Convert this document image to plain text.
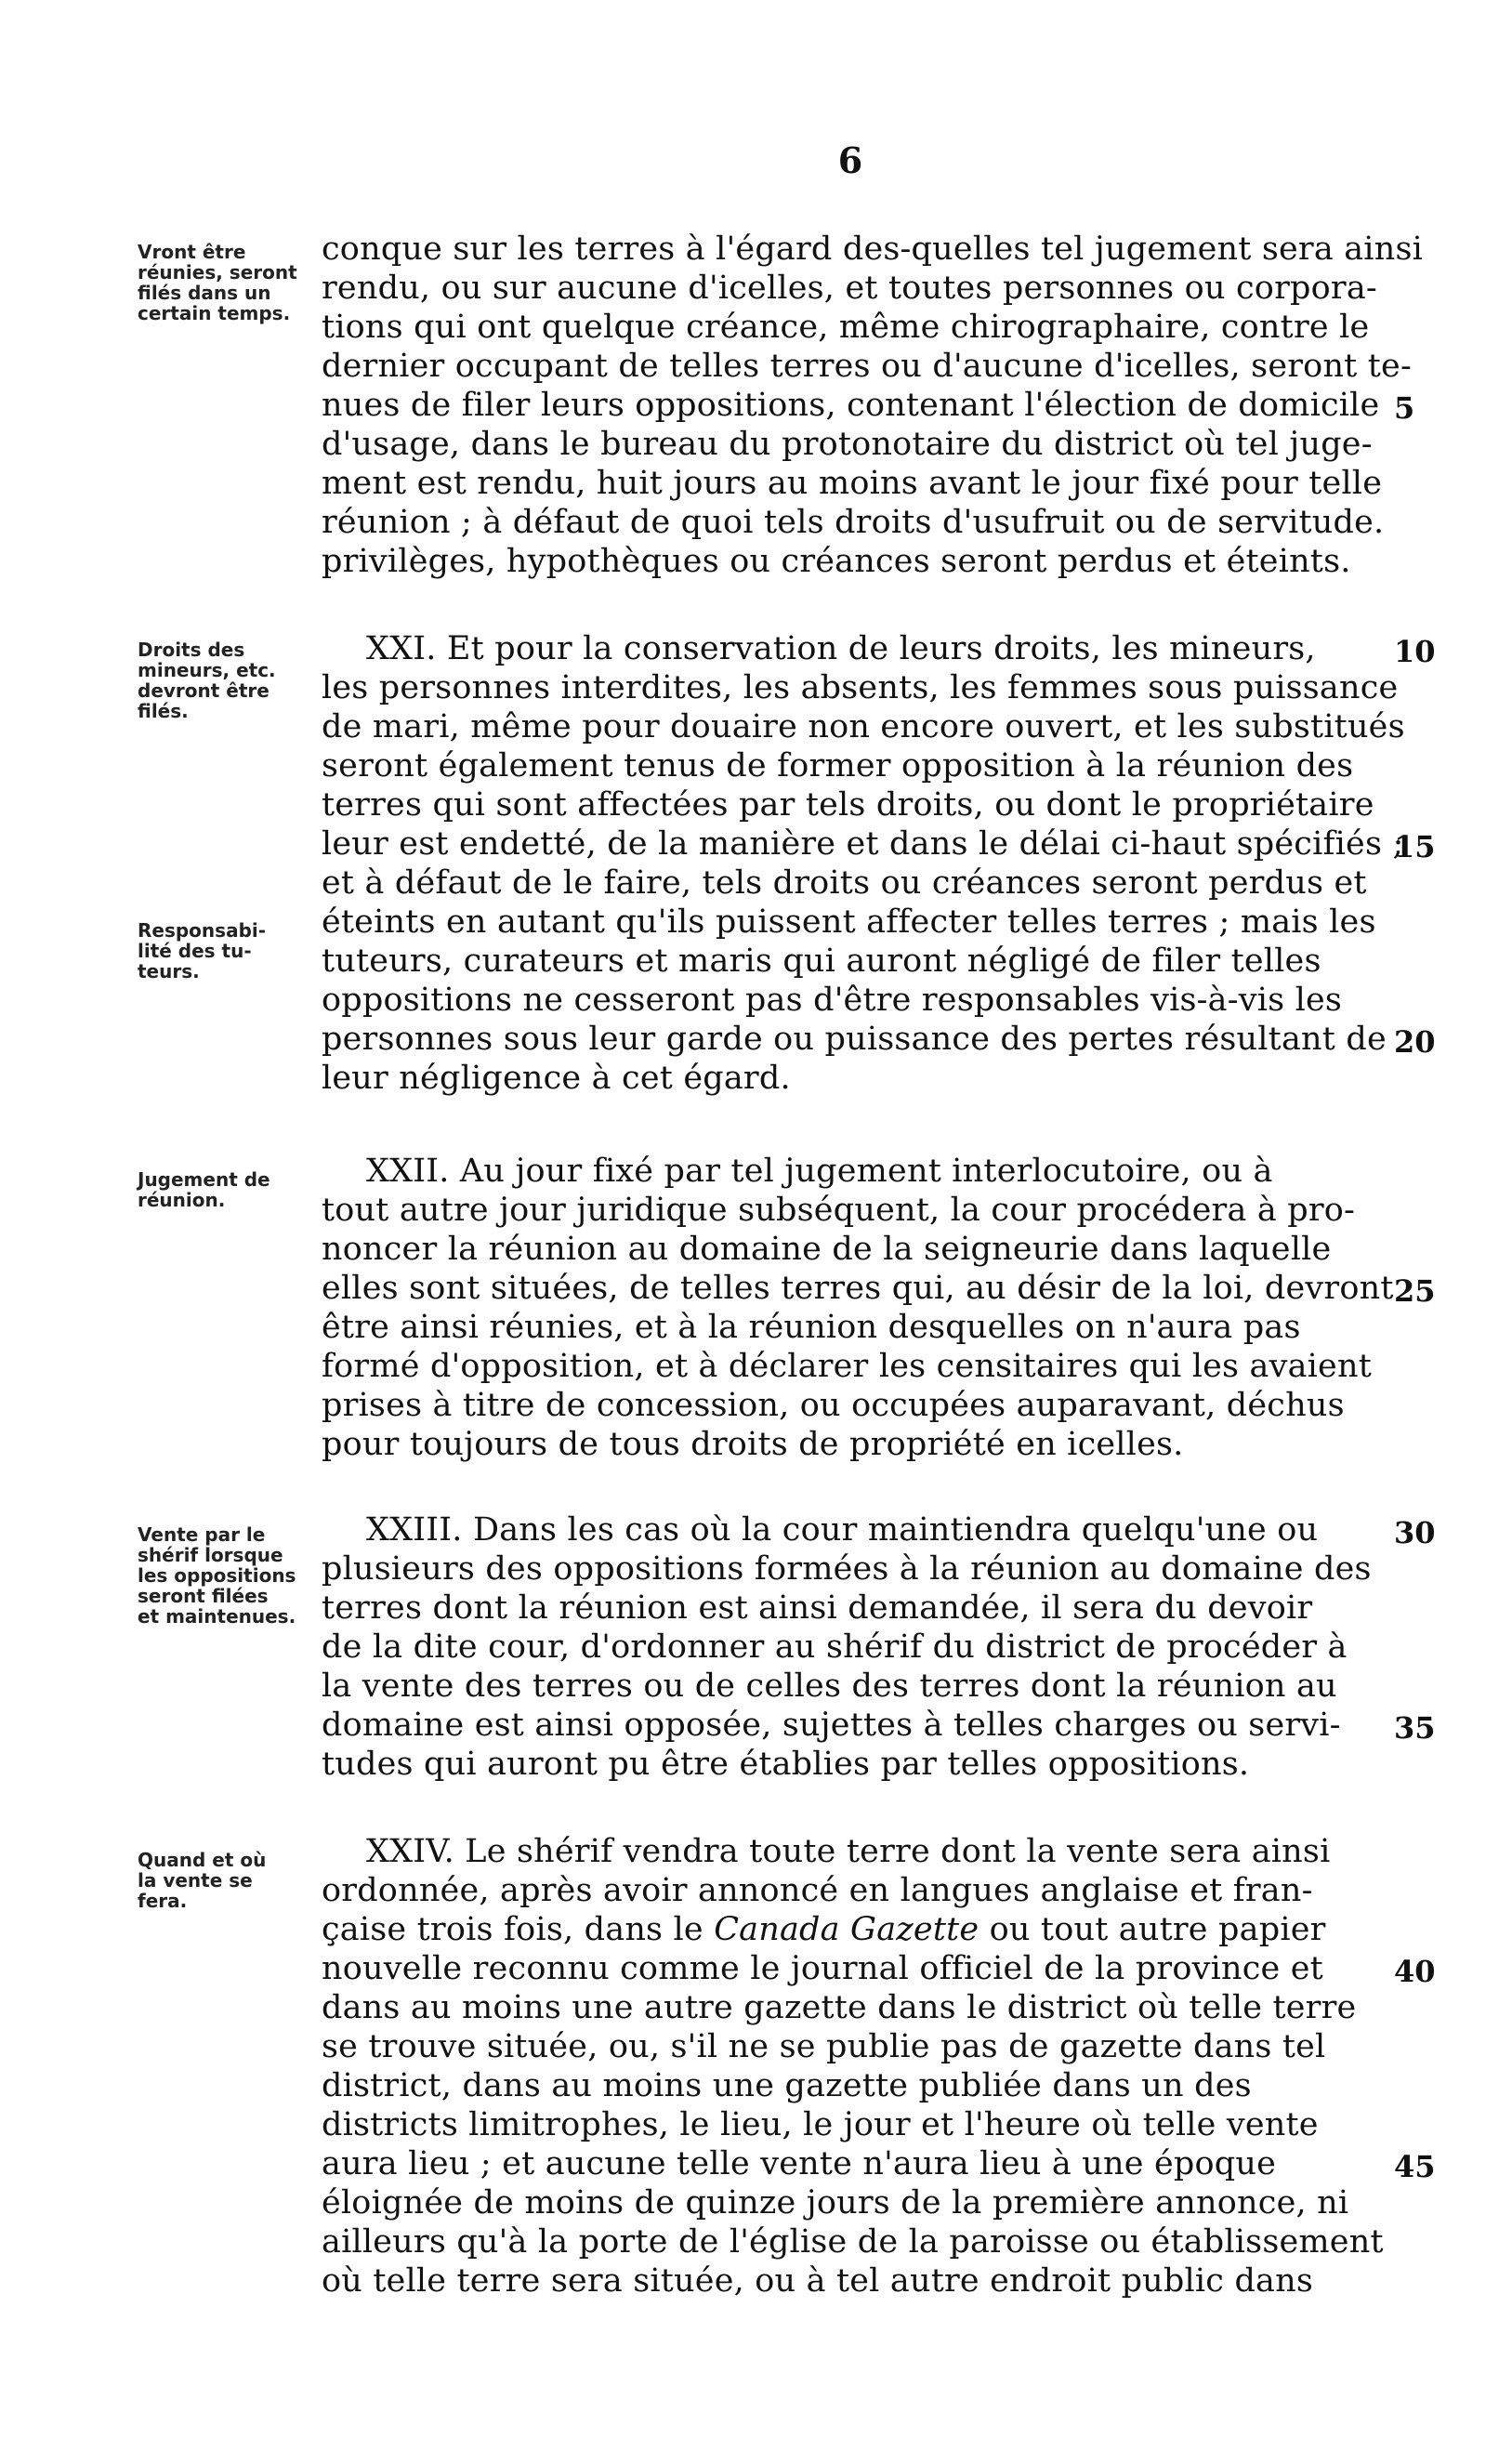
6
Vront être
réunies, seront
filés dans un
certain temps.
Droits des
mineurs, etc.
devront être
filés.
Responsabi-
lité des tu-
teurs.
Jugement de
réunion.
Vente par le
shérif lorsque
les oppositions
seront filées
et maintenues.
Quand et où
la vente se
fera.
conque sur les terres à l'égard des-quelles tel jugement sera ainsi
rendu, ou sur aucune d'icelles, et toutes personnes ou corpora-
tions qui ont quelque créance, même chirographaire, contre le
dernier occupant de telles terres ou d'aucune d'icelles, seront te-
nues de filer leurs oppositions, contenant l'élection de domicile
d'usage, dans le bureau du protonotaire du district où tel juge-
ment est rendu, huit jours au moins avant le jour fixé pour telle
réunion ; à défaut de quoi tels droits d'usufruit ou de servitude.
privilèges, hypothèques ou créances seront perdus et éteints.
XXI. Et pour la conservation de leurs droits, les mineurs,
les personnes interdites, les absents, les femmes sous puissance
de mari, même pour douaire non encore ouvert, et les substitués
seront également tenus de former opposition à la réunion des
terres qui sont affectées par tels droits, ou dont le propriétaire
leur est endetté, de la manière et dans le délai ci-haut spécifiés ;
et à défaut de le faire, tels droits ou créances seront perdus et
éteints en autant qu'ils puissent affecter telles terres ; mais les
tuteurs, curateurs et maris qui auront négligé de filer telles
oppositions ne cesseront pas d'être responsables vis-à-vis les
personnes sous leur garde ou puissance des pertes résultant de
leur négligence à cet égard.
XXII. Au jour fixé par tel jugement interlocutoire, ou à
tout autre jour juridique subséquent, la cour procédera à pro-
noncer la réunion au domaine de la seigneurie dans laquelle
elles sont situées, de telles terres qui, au désir de la loi, devront
être ainsi réunies, et à la réunion desquelles on n'aura pas
formé d'opposition, et à déclarer les censitaires qui les avaient
prises à titre de concession, ou occupées auparavant, déchus
pour toujours de tous droits de propriété en icelles.
XXIII. Dans les cas où la cour maintiendra quelqu'une ou
plusieurs des oppositions formées à la réunion au domaine des
terres dont la réunion est ainsi demandée, il sera du devoir
de la dite cour, d'ordonner au shérif du district de procéder à
la vente des terres ou de celles des terres dont la réunion au
domaine est ainsi opposée, sujettes à telles charges ou servi-
tudes qui auront pu être établies par telles oppositions.
XXIV. Le shérif vendra toute terre dont la vente sera ainsi
ordonnée, après avoir annoncé en langues anglaise et fran-
çaise trois fois, dans le Canada Gazette ou tout autre papier
nouvelle reconnu comme le journal officiel de la province et
dans au moins une autre gazette dans le district où telle terre
se trouve située, ou, s'il ne se publie pas de gazette dans tel
district, dans au moins une gazette publiée dans un des
districts limitrophes, le lieu, le jour et l'heure où telle vente
aura lieu ; et aucune telle vente n'aura lieu à une époque
éloignée de moins de quinze jours de la première annonce, ni
ailleurs qu'à la porte de l'église de la paroisse ou établissement
où telle terre sera située, ou à tel autre endroit public dans
5
10
15
20
25
30
35
40
45
